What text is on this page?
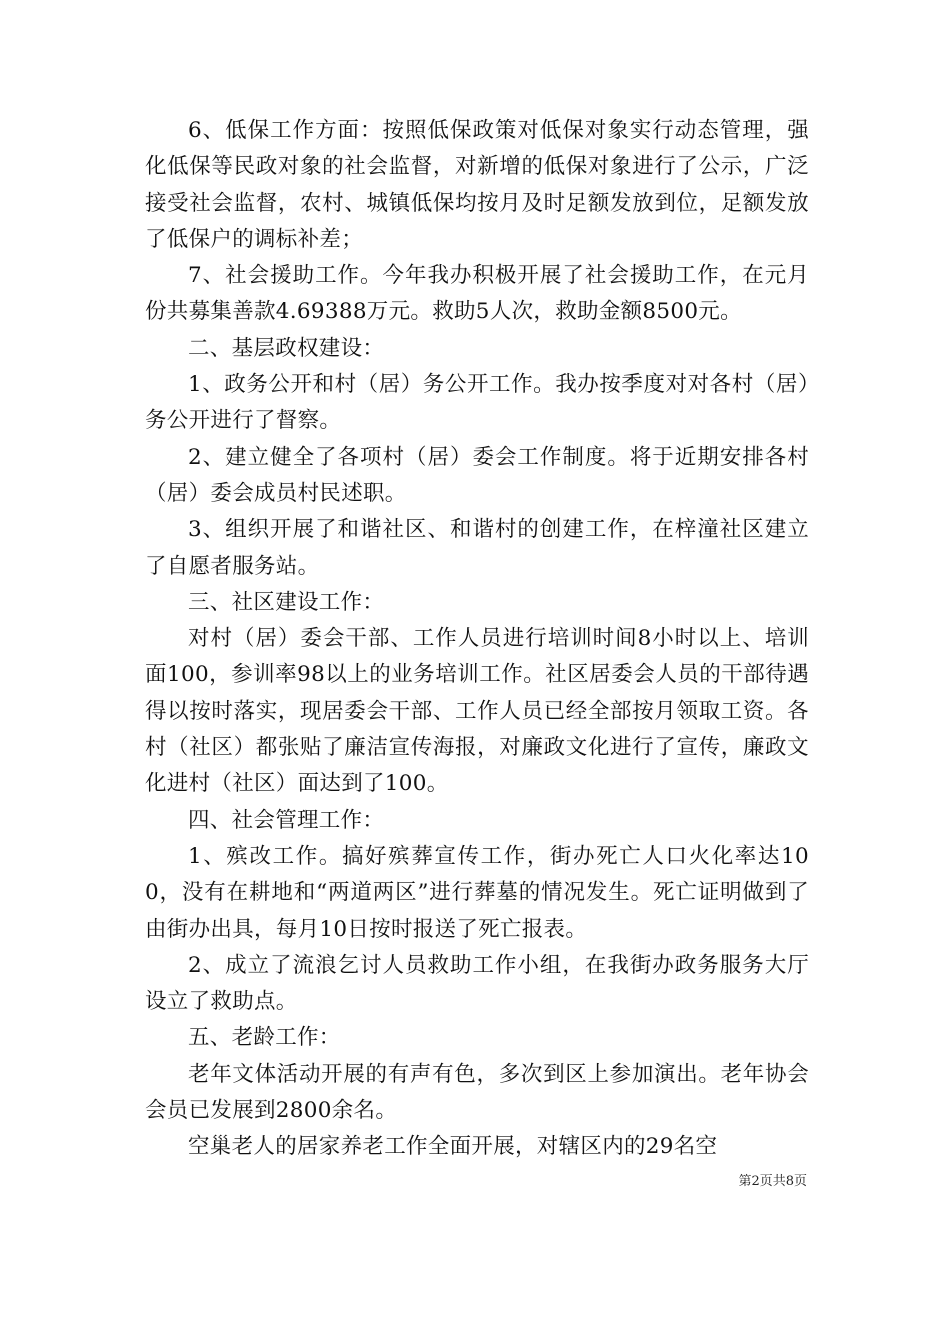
6、低保工作方面：按照低保政策对低保对象实行动态管理，强化低保等民政对象的社会监督，对新增的低保对象进行了公示，广泛接受社会监督，农村、城镇低保均按月及时足额发放到位，足额发放了低保户的调标补差；

7、社会援助工作。今年我办积极开展了社会援助工作，在元月份共募集善款4.69388万元。救助5人次，救助金额8500元。

二、基层政权建设：

1、政务公开和村（居）务公开工作。我办按季度对对各村（居）务公开进行了督察。

2、建立健全了各项村（居）委会工作制度。将于近期安排各村（居）委会成员村民述职。

3、组织开展了和谐社区、和谐村的创建工作，在梓潼社区建立了自愿者服务站。

三、社区建设工作：

对村（居）委会干部、工作人员进行培训时间8小时以上、培训面100，参训率98以上的业务培训工作。社区居委会人员的干部待遇得以按时落实，现居委会干部、工作人员已经全部按月领取工资。各村（社区）都张贴了廉洁宣传海报，对廉政文化进行了宣传，廉政文化进村（社区）面达到了100。

四、社会管理工作：

1、殡改工作。搞好殡葬宣传工作，街办死亡人口火化率达100，没有在耕地和“两道两区”进行葬墓的情况发生。死亡证明做到了由街办出具，每月10日按时报送了死亡报表。

2、成立了流浪乞讨人员救助工作小组，在我街办政务服务大厅设立了救助点。

五、老龄工作：

老年文体活动开展的有声有色，多次到区上参加演出。老年协会会员已发展到2800余名。

空巢老人的居家养老工作全面开展，对辖区内的29名空

第2页共8页
